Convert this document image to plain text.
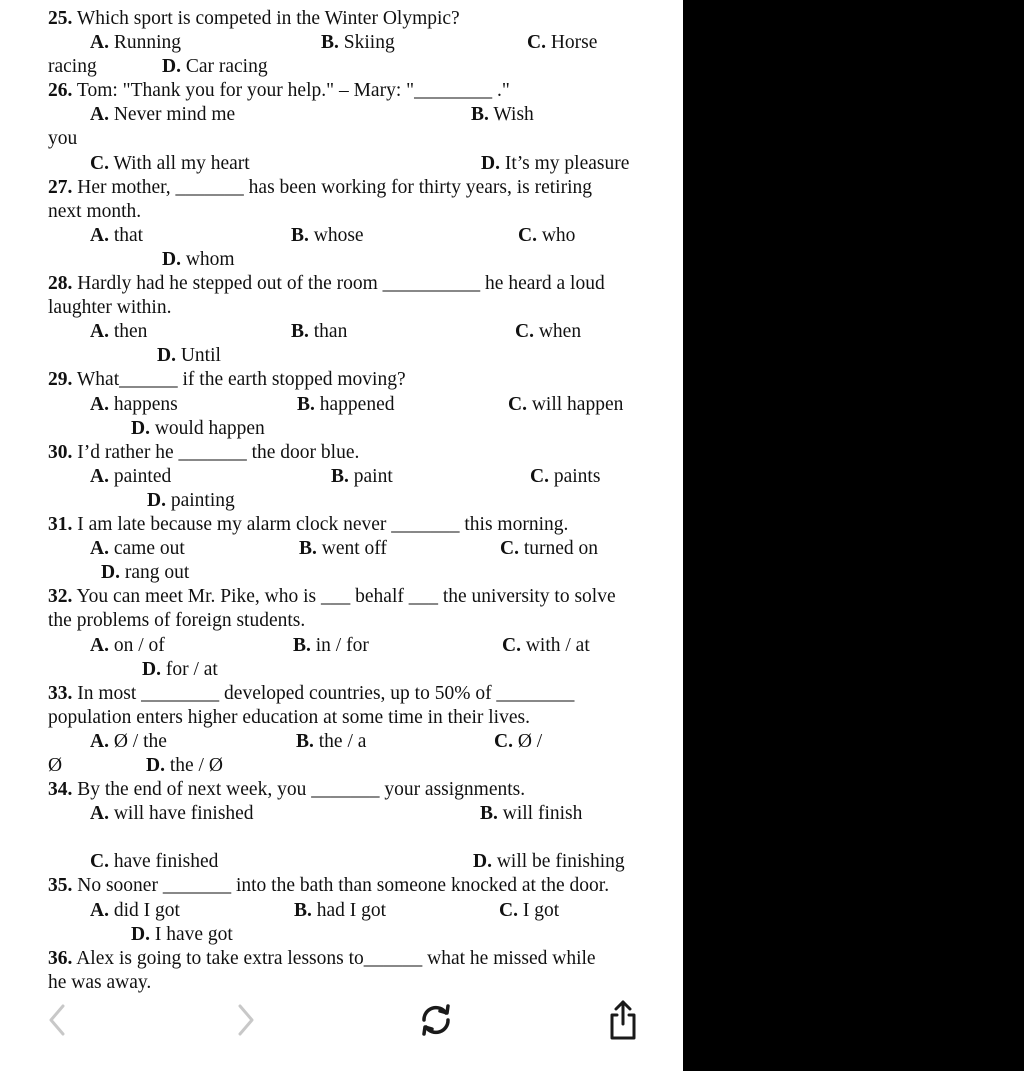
25. Which sport is competed in the Winter Olympic?
A. Running	B. Skiing	C. Horse
racing	D. Car racing
26. Tom: "Thank you for your help." – Mary: "________ ."
A. Never mind me	B. Wish
you
C. With all my heart	D. It’s my pleasure
27. Her mother, _______ has been working for thirty years, is retiring
next month.
A. that	B. whose	C. who
D. whom
28. Hardly had he stepped out of the room __________ he heard a loud
laughter within.
A. then	B. than	C. when
D. Until
29. What______ if the earth stopped moving?
A. happens	B. happened	C. will happen
D. would happen
30. I’d rather he _______ the door blue.
A. painted	B. paint	C. paints
D. painting
31. I am late because my alarm clock never _______ this morning.
A. came out	B. went off	C. turned on
D. rang out
32. You can meet Mr. Pike, who is ___ behalf ___ the university to solve
the problems of foreign students.
A. on / of	B. in / for	C. with / at
D. for / at
33. In most ________ developed countries, up to 50% of ________
population enters higher education at some time in their lives.
A. Ø / the	B. the / a	C. Ø /
Ø	D. the / Ø
34. By the end of next week, you _______ your assignments.
A. will have finished	B. will finish
C. have finished	D. will be finishing
35. No sooner _______ into the bath than someone knocked at the door.
A. did I got	B. had I got	C. I got
D. I have got
36. Alex is going to take extra lessons to______ what he missed while
he was away.
